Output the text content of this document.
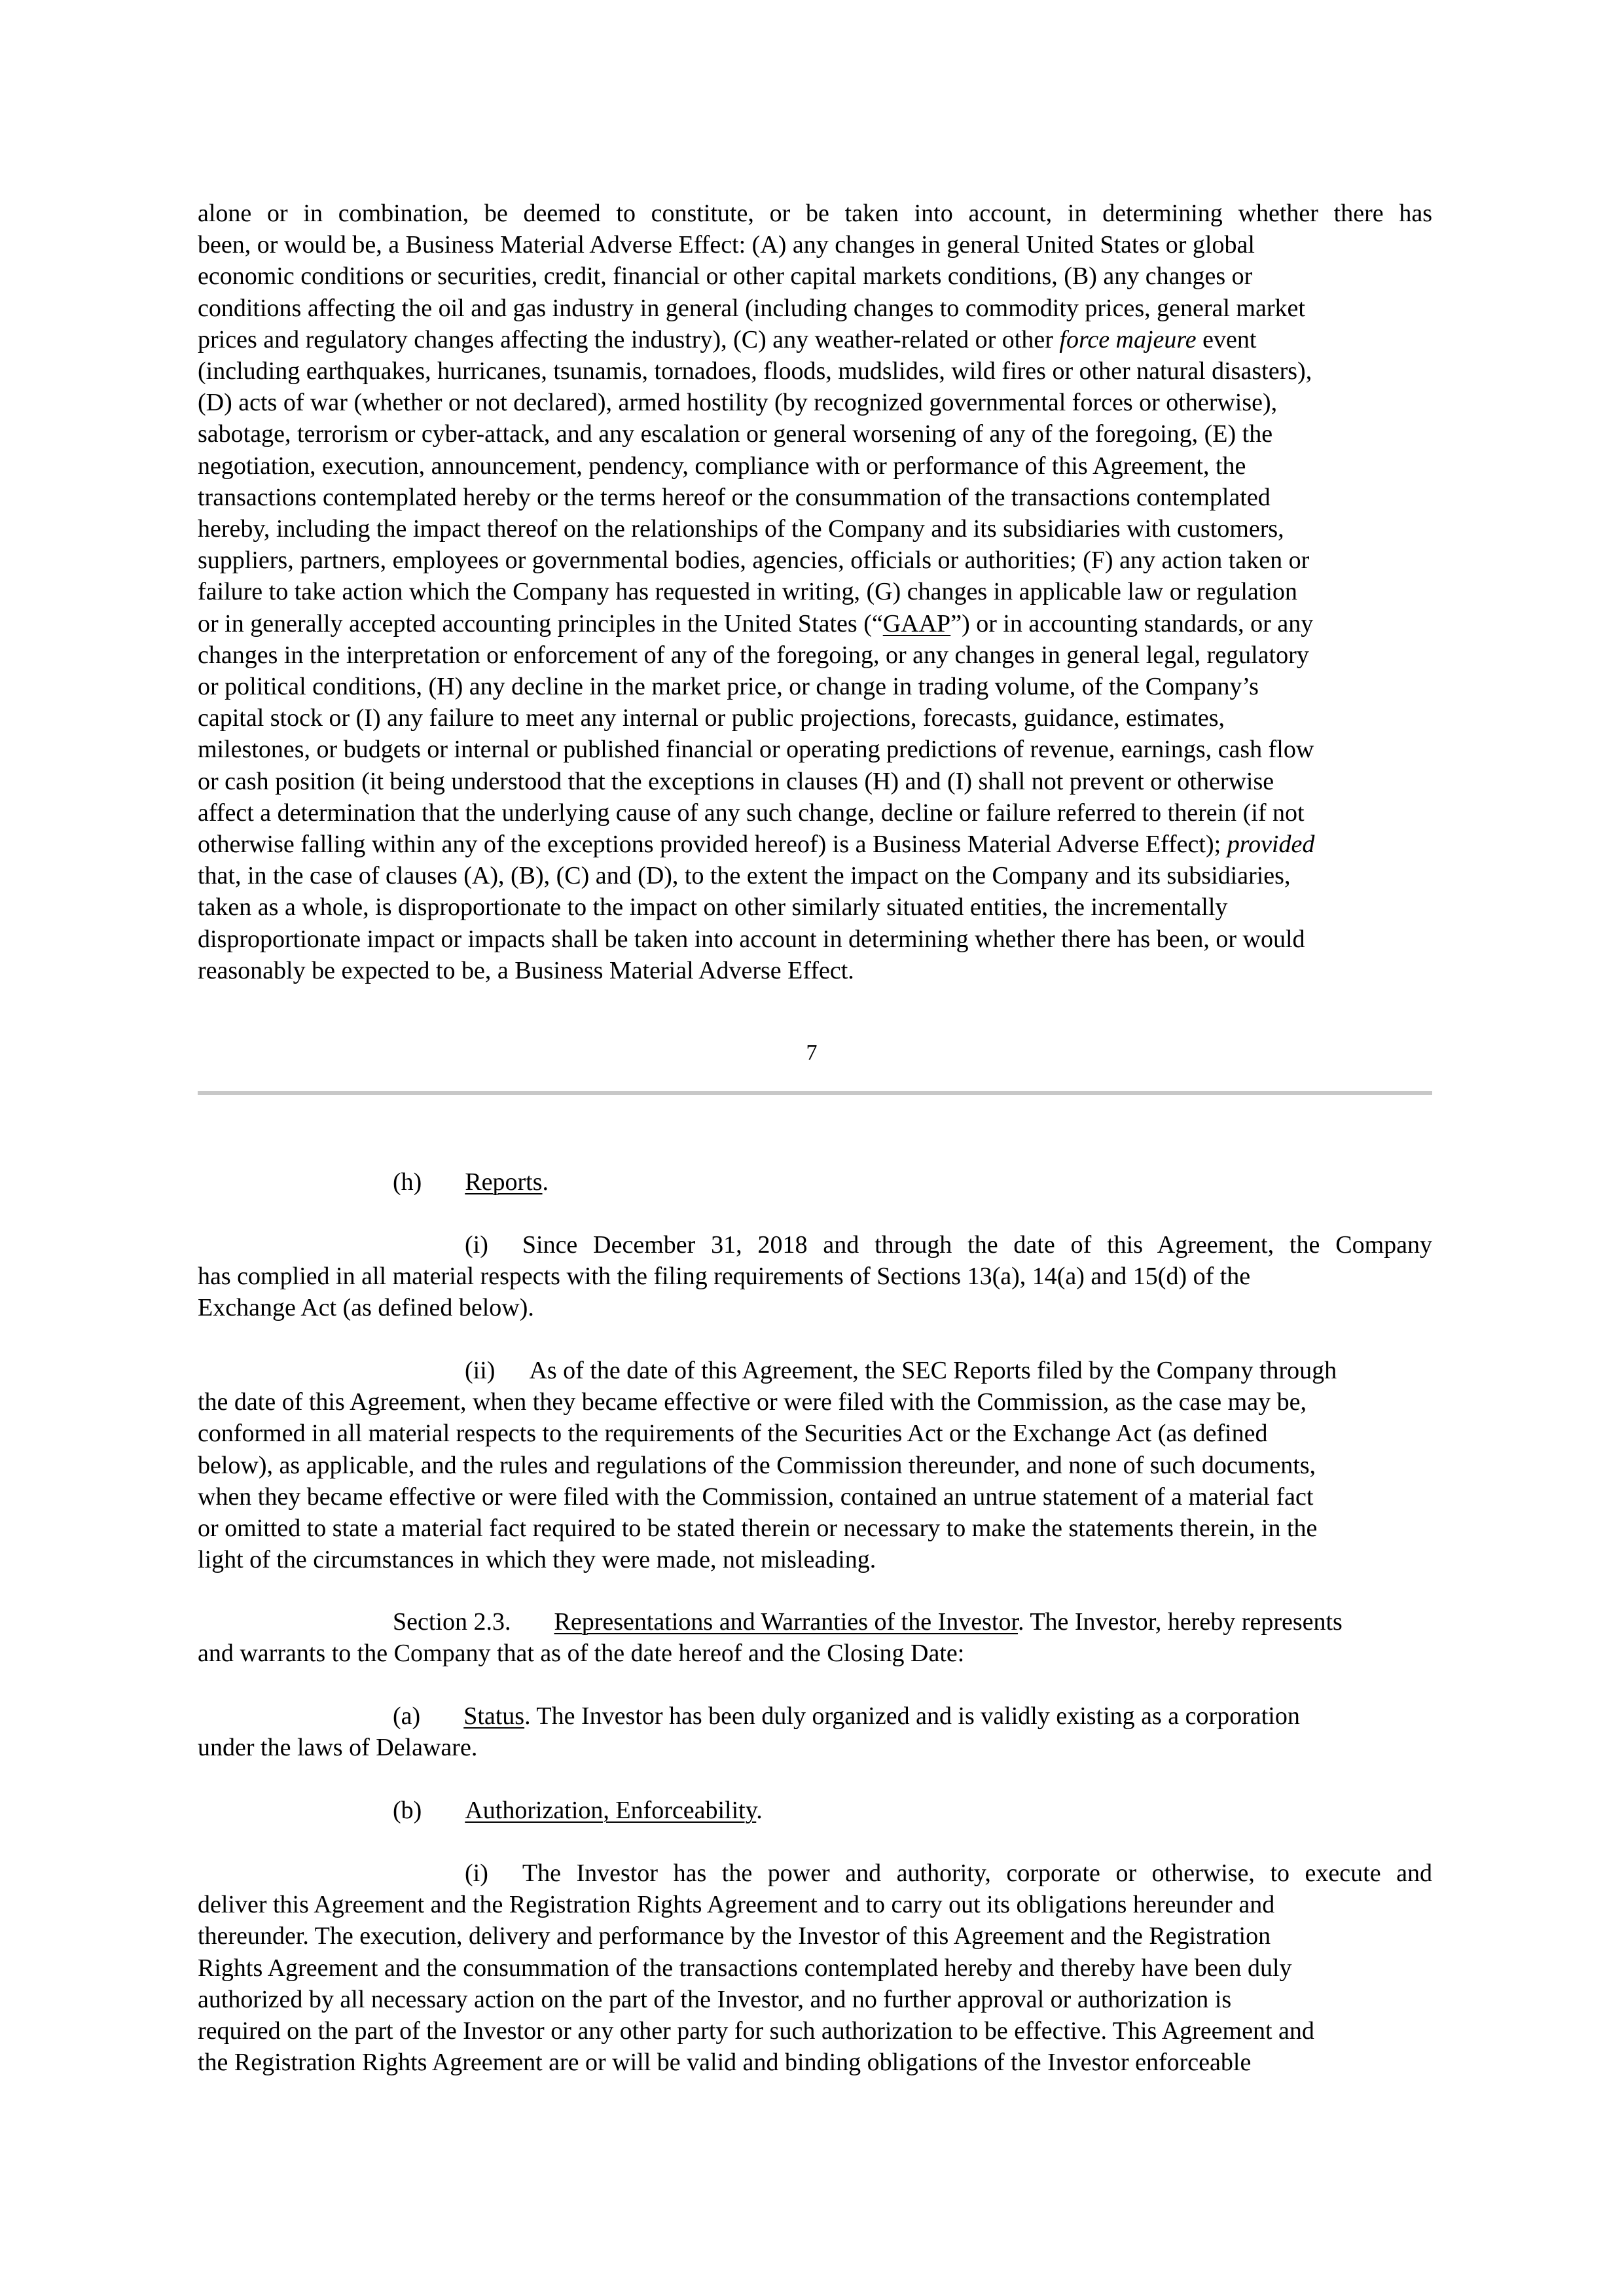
alone or in combination, be deemed to constitute, or be taken into account, in determining whether there has
been, or would be, a Business Material Adverse Effect: (A) any changes in general United States or global
economic conditions or securities, credit, financial or other capital markets conditions, (B) any changes or
conditions affecting the oil and gas industry in general (including changes to commodity prices, general market
prices and regulatory changes affecting the industry), (C) any weather-related or other force majeure event
(including earthquakes, hurricanes, tsunamis, tornadoes, floods, mudslides, wild fires or other natural disasters),
(D) acts of war (whether or not declared), armed hostility (by recognized governmental forces or otherwise),
sabotage, terrorism or cyber-attack, and any escalation or general worsening of any of the foregoing, (E) the
negotiation, execution, announcement, pendency, compliance with or performance of this Agreement, the
transactions contemplated hereby or the terms hereof or the consummation of the transactions contemplated
hereby, including the impact thereof on the relationships of the Company and its subsidiaries with customers,
suppliers, partners, employees or governmental bodies, agencies, officials or authorities; (F) any action taken or
failure to take action which the Company has requested in writing, (G) changes in applicable law or regulation
or in generally accepted accounting principles in the United States (“GAAP”) or in accounting standards, or any
changes in the interpretation or enforcement of any of the foregoing, or any changes in general legal, regulatory
or political conditions, (H) any decline in the market price, or change in trading volume, of the Company’s
capital stock or (I) any failure to meet any internal or public projections, forecasts, guidance, estimates,
milestones, or budgets or internal or published financial or operating predictions of revenue, earnings, cash flow
or cash position (it being understood that the exceptions in clauses (H) and (I) shall not prevent or otherwise
affect a determination that the underlying cause of any such change, decline or failure referred to therein (if not
otherwise falling within any of the exceptions provided hereof) is a Business Material Adverse Effect); provided
that, in the case of clauses (A), (B), (C) and (D), to the extent the impact on the Company and its subsidiaries,
taken as a whole, is disproportionate to the impact on other similarly situated entities, the incrementally
disproportionate impact or impacts shall be taken into account in determining whether there has been, or would
reasonably be expected to be, a Business Material Adverse Effect.
7
(h) Reports.
(i) Since December 31, 2018 and through the date of this Agreement, the Company
has complied in all material respects with the filing requirements of Sections 13(a), 14(a) and 15(d) of the
Exchange Act (as defined below).
(ii) As of the date of this Agreement, the SEC Reports filed by the Company through
the date of this Agreement, when they became effective or were filed with the Commission, as the case may be,
conformed in all material respects to the requirements of the Securities Act or the Exchange Act (as defined
below), as applicable, and the rules and regulations of the Commission thereunder, and none of such documents,
when they became effective or were filed with the Commission, contained an untrue statement of a material fact
or omitted to state a material fact required to be stated therein or necessary to make the statements therein, in the
light of the circumstances in which they were made, not misleading.
Section 2.3. Representations and Warranties of the Investor. The Investor, hereby represents
and warrants to the Company that as of the date hereof and the Closing Date:
(a) Status. The Investor has been duly organized and is validly existing as a corporation
under the laws of Delaware.
(b) Authorization, Enforceability.
(i) The Investor has the power and authority, corporate or otherwise, to execute and
deliver this Agreement and the Registration Rights Agreement and to carry out its obligations hereunder and
thereunder. The execution, delivery and performance by the Investor of this Agreement and the Registration
Rights Agreement and the consummation of the transactions contemplated hereby and thereby have been duly
authorized by all necessary action on the part of the Investor, and no further approval or authorization is
required on the part of the Investor or any other party for such authorization to be effective. This Agreement and
the Registration Rights Agreement are or will be valid and binding obligations of the Investor enforceable
